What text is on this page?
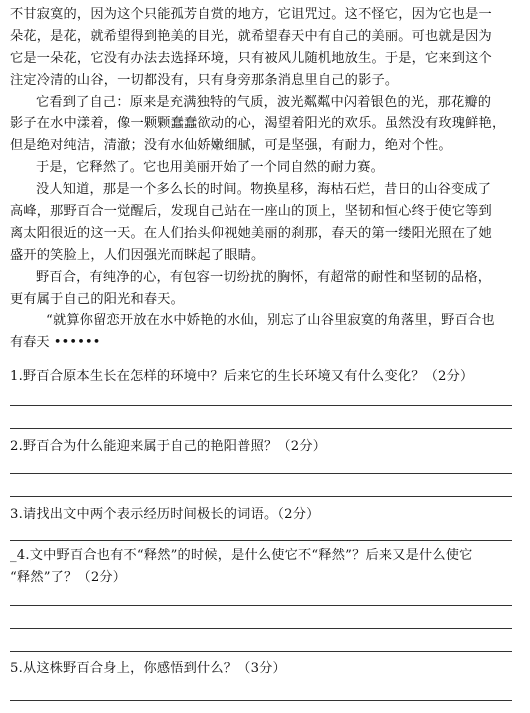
不甘寂寞的，因为这个只能孤芳自赏的地方，它诅咒过。这不怪它，因为它也是一
朵花，是花，就希望得到艳美的目光，就希望春天中有自己的美丽。可也就是因为
它是一朵花，它没有办法去选择环境，只有被风儿随机地放生。于是，它来到这个
注定冷清的山谷，一切都没有，只有身旁那条消息里自己的影子。
它看到了自己：原来是充满独特的气质，波光粼粼中闪着银色的光，那花瓣的
影子在水中漾着，像一颗颗蠢蠢欲动的心，渴望着阳光的欢乐。虽然没有玫瑰鲜艳，
但是绝对纯洁，清澈；没有水仙娇嫩细腻，可是坚强，有耐力，绝对个性。
于是，它释然了。它也用美丽开始了一个同自然的耐力赛。
没人知道，那是一个多么长的时间。物换星移，海枯石烂，昔日的山谷变成了
高峰，那野百合一觉醒后，发现自己站在一座山的顶上，坚韧和恒心终于使它等到
离太阳很近的这一天。在人们抬头仰视她美丽的刹那，春天的第一缕阳光照在了她
盛开的笑脸上，人们因强光而眯起了眼睛。
野百合，有纯净的心，有包容一切纷扰的胸怀，有超常的耐性和坚韧的品格，
更有属于自己的阳光和春天。
“就算你留恋开放在水中娇艳的水仙，别忘了山谷里寂寞的角落里，野百合也
有春天 ••••••
1.野百合原本生长在怎样的环境中？后来它的生长环境又有什么变化？（2分）
2.野百合为什么能迎来属于自己的艳阳普照？（2分）
3.请找出文中两个表示经历时间极长的词语。（2分）
_4.文中野百合也有不“释然”的时候，是什么使它不“释然”？后来又是什么使它
“释然”了？（2分）
5.从这株野百合身上，你感悟到什么？（3分）
